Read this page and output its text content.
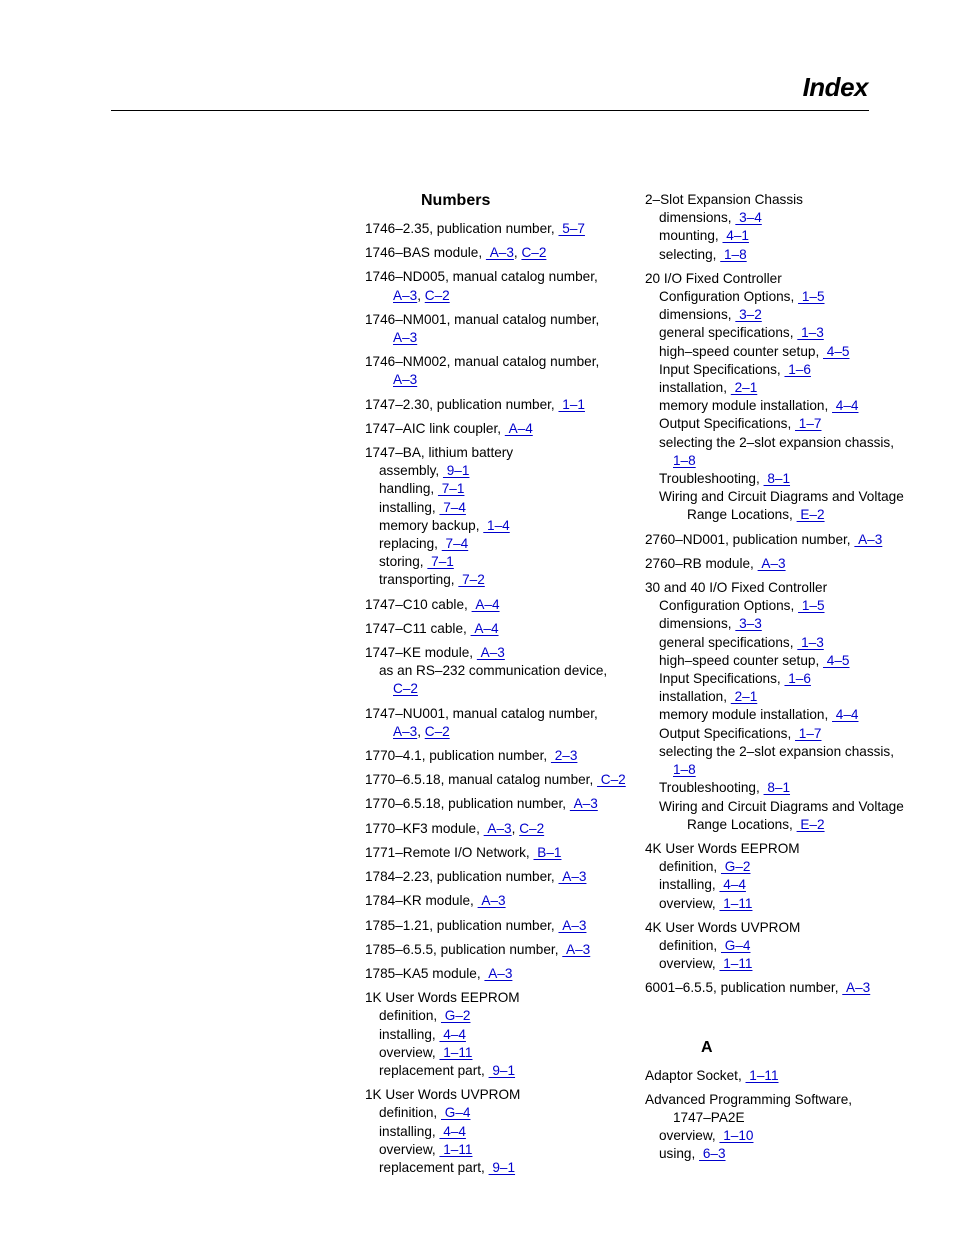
Index
Numbers
1746–2.35, publication number,  5–7
1746–BAS module,  A–3, C–2
1746–ND005, manual catalog number,
A–3, C–2
1746–NM001, manual catalog number,
A–3
1746–NM002, manual catalog number,
A–3
1747–2.30, publication number,  1–1
1747–AIC link coupler,  A–4
1747–BA, lithium battery
assembly,  9–1
handling,  7–1
installing,  7–4
memory backup,  1–4
replacing,  7–4
storing,  7–1
transporting,  7–2
1747–C10 cable,  A–4
1747–C11 cable,  A–4
1747–KE module,  A–3
as an RS–232 communication device,
C–2
1747–NU001, manual catalog number,
A–3, C–2
1770–4.1, publication number,  2–3
1770–6.5.18, manual catalog number,  C–2
1770–6.5.18, publication number,  A–3
1770–KF3 module,  A–3, C–2
1771–Remote I/O Network,  B–1
1784–2.23, publication number,  A–3
1784–KR module,  A–3
1785–1.21, publication number,  A–3
1785–6.5.5, publication number,  A–3
1785–KA5 module,  A–3
1K User Words EEPROM
definition,  G–2
installing,  4–4
overview,  1–11
replacement part,  9–1
1K User Words UVPROM
definition,  G–4
installing,  4–4
overview,  1–11
replacement part,  9–1
2–Slot Expansion Chassis
dimensions,  3–4
mounting,  4–1
selecting,  1–8
20 I/O Fixed Controller
Configuration Options,  1–5
dimensions,  3–2
general specifications,  1–3
high–speed counter setup,  4–5
Input Specifications,  1–6
installation,  2–1
memory module installation,  4–4
Output Specifications,  1–7
selecting the 2–slot expansion chassis,
1–8
Troubleshooting,  8–1
Wiring and Circuit Diagrams and Voltage
Range Locations,  E–2
2760–ND001, publication number,  A–3
2760–RB module,  A–3
30 and 40 I/O Fixed Controller
Configuration Options,  1–5
dimensions,  3–3
general specifications,  1–3
high–speed counter setup,  4–5
Input Specifications,  1–6
installation,  2–1
memory module installation,  4–4
Output Specifications,  1–7
selecting the 2–slot expansion chassis,
1–8
Troubleshooting,  8–1
Wiring and Circuit Diagrams and Voltage
Range Locations,  E–2
4K User Words EEPROM
definition,  G–2
installing,  4–4
overview,  1–11
4K User Words UVPROM
definition,  G–4
overview,  1–11
6001–6.5.5, publication number,  A–3
A
Adaptor Socket,  1–11
Advanced Programming Software,
1747–PA2E
overview,  1–10
using,  6–3
